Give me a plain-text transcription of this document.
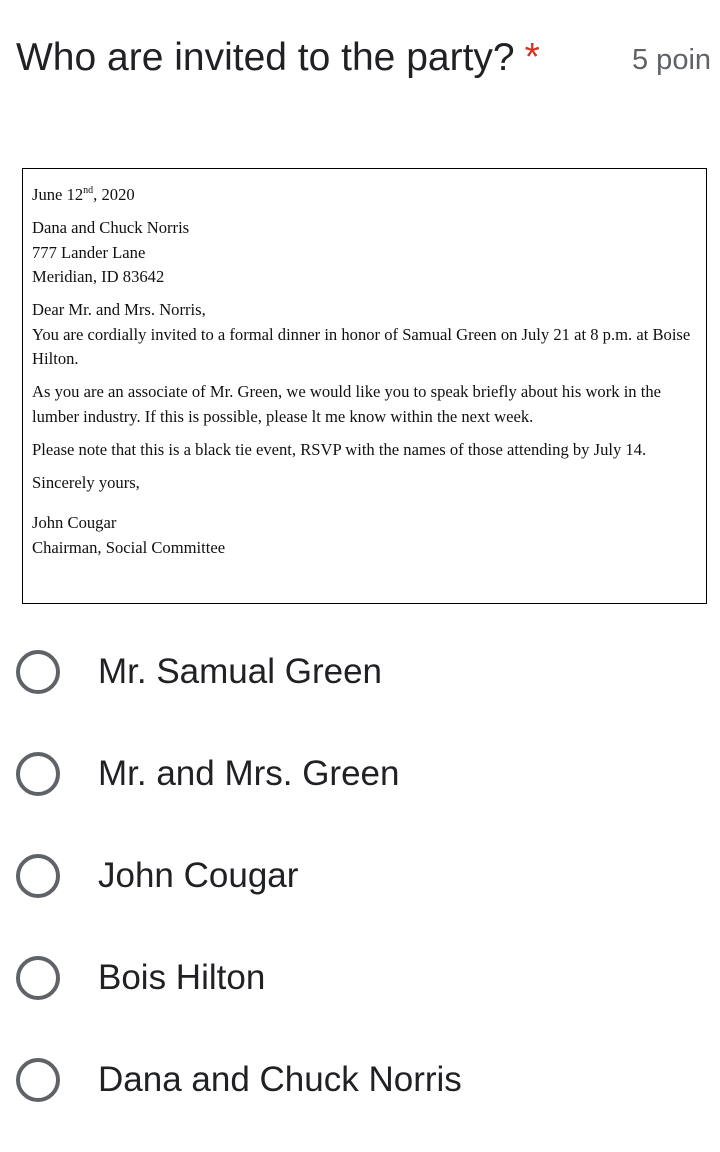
Who are invited to the party? *	5 poin
June 12nd, 2020
Dana and Chuck Norris
777 Lander Lane
Meridian, ID 83642
Dear Mr. and Mrs. Norris,
You are cordially invited to a formal dinner in honor of Samual Green on July 21 at 8 p.m. at Boise Hilton.
As you are an associate of Mr. Green, we would like you to speak briefly about his work in the lumber industry. If this is possible, please lt me know within the next week.
Please note that this is a black tie event, RSVP with the names of those attending by July 14.
Sincerely yours,
John Cougar
Chairman, Social Committee
Mr. Samual Green
Mr. and Mrs. Green
John Cougar
Bois Hilton
Dana and Chuck Norris
